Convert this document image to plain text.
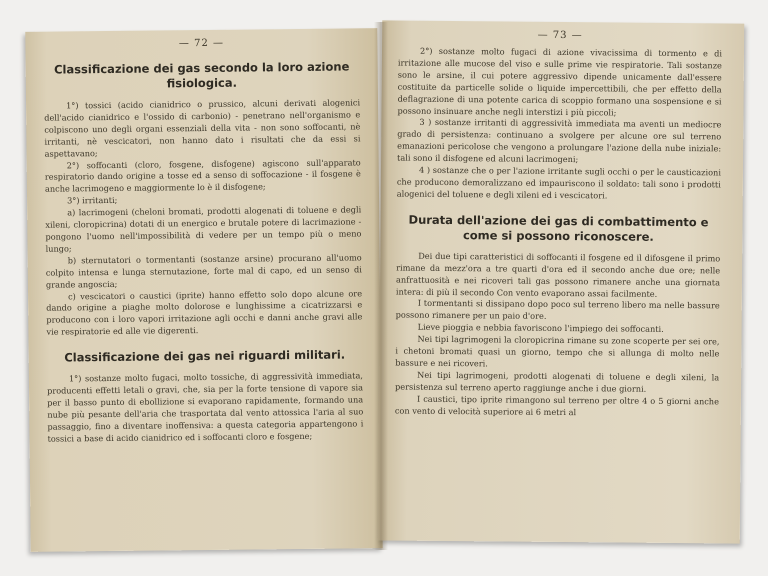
— 72 —
Classificazione dei gas secondo la loro azione fisiologica.

1°) tossici (acido cianidrico o prussico, alcuni derivati alogenici dell'acido cianidrico e l'ossido di carbonio) - penetrano nell'organismo e colpiscono uno degli organi essenziali della vita - non sono soffocanti, nè irritanti, nè vescicatori, non hanno dato i risultati che da essi si aspettavano;

2°) soffocanti (cloro, fosgene, disfogene) agiscono sull'apparato respiratorio dando origine a tosse ed a senso di soffocazione - il fosgene è anche lacrimogeno e maggiormente lo è il disfogene;

3°) irritanti;

a) lacrimogeni (cheloni bromati, prodotti alogenati di toluene e degli xileni, cloropicrina) dotati di un energico e brutale potere di lacrimazione - pongono l'uomo nell'impossibilità di vedere per un tempo più o meno lungo;

b) sternutatori o tormentanti (sostanze arsine) procurano all'uomo colpito intensa e lunga sternutazione, forte mal di capo, ed un senso di grande angoscia;

c) vescicatori o caustici (iprite) hanno effetto solo dopo alcune ore dando origine a piaghe molto dolorose e lunghissime a cicatrizzarsi e producono con i loro vapori irritazione agli occhi e danni anche gravi alle vie respiratorie ed alle vie digerenti.

Classificazione dei gas nei riguardi militari.

1°) sostanze molto fugaci, molto tossiche, di aggressività immediata, producenti effetti letali o gravi, che, sia per la forte tensione di vapore sia per il basso punto di ebollizione si evaporano rapidamente, formando una nube più pesante dell'aria che trasportata dal vento attossica l'aria al suo passaggio, fino a diventare inoffensiva: a questa categoria appartengono i tossici a base di acido cianidrico ed i soffocanti cloro e fosgene;

— 73 —

2°) sostanze molto fugaci di azione vivacissima di tormento e di irritazione alle mucose del viso e sulle prime vie respiratorie. Tali sostanze sono le arsine, il cui potere aggressivo dipende unicamente dall'essere costituite da particelle solide o liquide impercettibili, che per effetto della deflagrazione di una potente carica di scoppio formano una sospensione e si possono insinuare anche negli interstizi i più piccoli;

3 ) sostanze irritanti di aggressività immediata ma aventi un mediocre grado di persistenza: continuano a svolgere per alcune ore sul terreno emanazioni pericolose che vengono a prolungare l'azione della nube iniziale: tali sono il disfogene ed alcuni lacrimogeni;

4 ) sostanze che o per l'azione irritante sugli occhi o per le causticazioni che producono demoralizzano ed impauriscono il soldato: tali sono i prodotti alogenici del toluene e degli xileni ed i vescicatori.

Durata dell'azione dei gas di combattimento e come si possono riconoscere.

Dei due tipi caratteristici di soffocanti il fosgene ed il difosgene il primo rimane da mezz'ora a tre quarti d'ora ed il secondo anche due ore; nelle anfrattuosità e nei ricoveri tali gas possono rimanere anche una giornata intera: di più il secondo Con vento evaporano assai facilmente.

I tormentanti si dissipano dopo poco sul terreno libero ma nelle bassure possono rimanere per un paio d'ore.

Lieve pioggia e nebbia favoriscono l'impiego dei soffocanti.

Nei tipi lagrimogeni la cloropicrina rimane su zone scoperte per sei ore, i chetoni bromati quasi un giorno, tempo che si allunga di molto nelle bassure e nei ricoveri.

Nei tipi lagrimogeni, prodotti alogenati di toluene e degli xileni, la persistenza sul terreno aperto raggiunge anche i due giorni.

I caustici, tipo iprite rimangono sul terreno per oltre 4 o 5 giorni anche con vento di velocità superiore ai 6 metri al
